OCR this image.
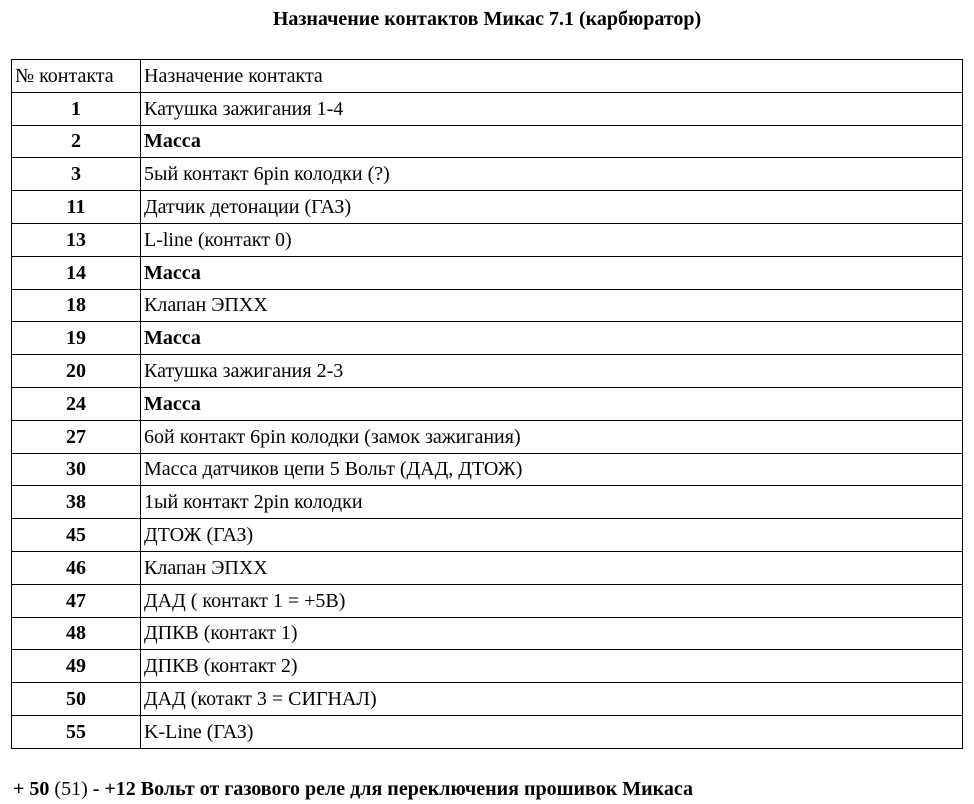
Назначение контактов Микас 7.1 (карбюратор)
№ контакта	Назначение контакта
1	Катушка зажигания 1-4
2	Масса
3	5ый контакт 6pin колодки (?)
11	Датчик детонации (ГАЗ)
13	L-line (контакт 0)
14	Масса
18	Клапан ЭПХХ
19	Масса
20	Катушка зажигания 2-3
24	Масса
27	6ой контакт 6pin колодки (замок зажигания)
30	Масса датчиков цепи 5 Вольт (ДАД, ДТОЖ)
38	1ый контакт 2pin колодки
45	ДТОЖ (ГАЗ)
46	Клапан ЭПХХ
47	ДАД ( контакт 1 = +5В)
48	ДПКВ (контакт 1)
49	ДПКВ (контакт 2)
50	ДАД (котакт 3 = СИГНАЛ)
55	K-Line (ГАЗ)
+ 50 (51) - +12 Вольт от газового реле для переключения прошивок Микаса
